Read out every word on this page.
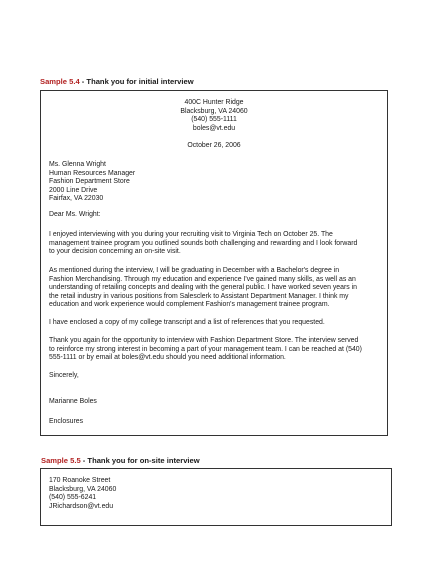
Sample 5.4 - Thank you for initial interview
400C Hunter Ridge
Blacksburg, VA 24060
(540) 555-1111
boles@vt.edu
October 26, 2006
Ms. Glenna Wright
Human Resources Manager
Fashion Department Store
2000 Line Drive
Fairfax, VA 22030
Dear Ms. Wright:
I enjoyed interviewing with you during your recruiting visit to Virginia Tech on October 25. The
management trainee program you outlined sounds both challenging and rewarding and I look forward
to your decision concerning an on-site visit.
As mentioned during the interview, I will be graduating in December with a Bachelor's degree in
Fashion Merchandising. Through my education and experience I've gained many skills, as well as an
understanding of retailing concepts and dealing with the general public. I have worked seven years in
the retail industry in various positions from Salesclerk to Assistant Department Manager. I think my
education and work experience would complement Fashion's management trainee program.
I have enclosed a copy of my college transcript and a list of references that you requested.
Thank you again for the opportunity to interview with Fashion Department Store. The interview served
to reinforce my strong interest in becoming a part of your management team. I can be reached at (540)
555-1111 or by email at boles@vt.edu should you need additional information.
Sincerely,
Marianne Boles
Enclosures
Sample 5.5 - Thank you for on-site interview
170 Roanoke Street
Blacksburg, VA 24060
(540) 555-6241
JRichardson@vt.edu
